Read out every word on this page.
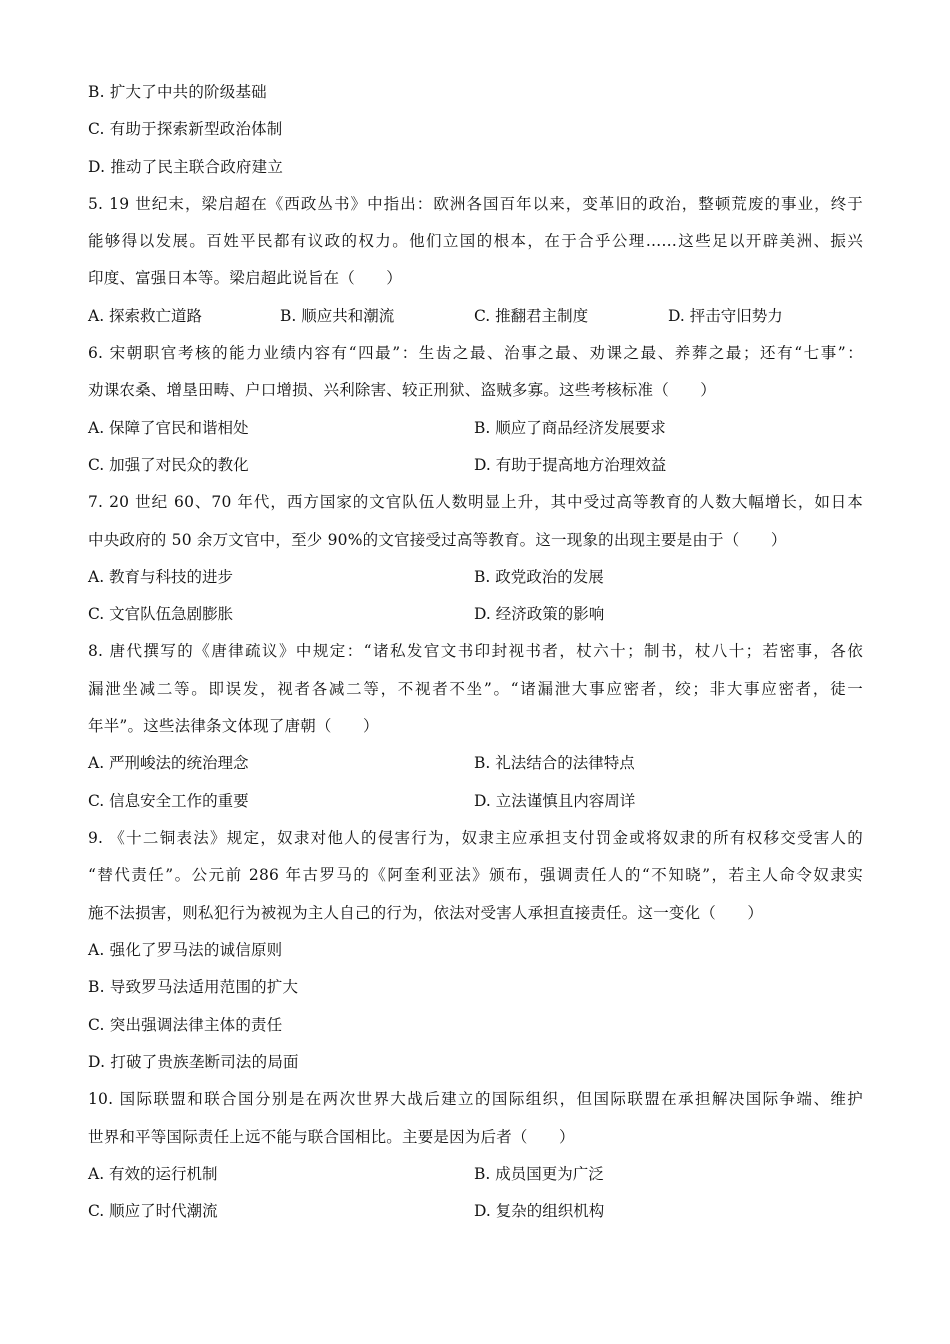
B. 扩大了中共的阶级基础
C. 有助于探索新型政治体制
D. 推动了民主联合政府建立
5. 19 世纪末，梁启超在《西政丛书》中指出：欧洲各国百年以来，变革旧的政治，整顿荒废的事业，终于
能够得以发展。百姓平民都有议政的权力。他们立国的根本，在于合乎公理……这些足以开辟美洲、振兴
印度、富强日本等。梁启超此说旨在（　　）
A. 探索救亡道路	B. 顺应共和潮流	C. 推翻君主制度	D. 抨击守旧势力
6. 宋朝职官考核的能力业绩内容有“四最”：生齿之最、治事之最、劝课之最、养葬之最；还有“七事”：
劝课农桑、增垦田畴、户口增损、兴利除害、较正刑狱、盗贼多寡。这些考核标准（　　）
A. 保障了官民和谐相处	B. 顺应了商品经济发展要求
C. 加强了对民众的教化	D. 有助于提高地方治理效益
7. 20 世纪 60、70 年代，西方国家的文官队伍人数明显上升，其中受过高等教育的人数大幅增长，如日本
中央政府的 50 余万文官中，至少 90%的文官接受过高等教育。这一现象的出现主要是由于（　　）
A. 教育与科技的进步	B. 政党政治的发展
C. 文官队伍急剧膨胀	D. 经济政策的影响
8. 唐代撰写的《唐律疏议》中规定：“诸私发官文书印封视书者，杖六十；制书，杖八十；若密事，各依
漏泄坐减二等。即误发，视者各减二等，不视者不坐”。“诸漏泄大事应密者，绞；非大事应密者，徒一
年半”。这些法律条文体现了唐朝（　　）
A. 严刑峻法的统治理念	B. 礼法结合的法律特点
C. 信息安全工作的重要	D. 立法谨慎且内容周详
9. 《十二铜表法》规定，奴隶对他人的侵害行为，奴隶主应承担支付罚金或将奴隶的所有权移交受害人的
“替代责任”。公元前 286 年古罗马的《阿奎利亚法》颁布，强调责任人的“不知晓”，若主人命令奴隶实
施不法损害，则私犯行为被视为主人自己的行为，依法对受害人承担直接责任。这一变化（　　）
A. 强化了罗马法的诚信原则
B. 导致罗马法适用范围的扩大
C. 突出强调法律主体的责任
D. 打破了贵族垄断司法的局面
10. 国际联盟和联合国分别是在两次世界大战后建立的国际组织，但国际联盟在承担解决国际争端、维护
世界和平等国际责任上远不能与联合国相比。主要是因为后者（　　）
A. 有效的运行机制	B. 成员国更为广泛
C. 顺应了时代潮流	D. 复杂的组织机构
